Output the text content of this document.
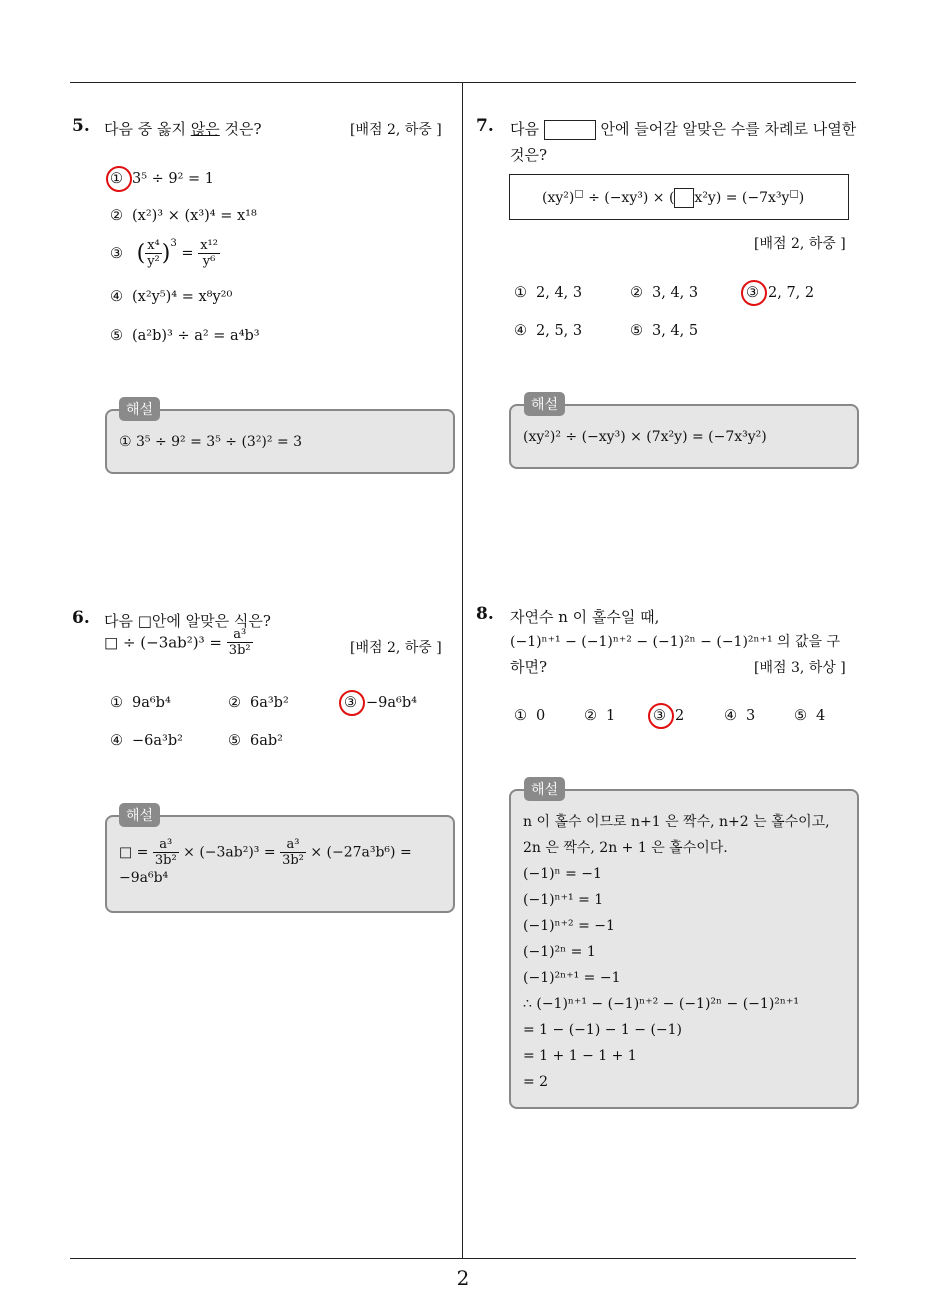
5. 다음 중 옳지 않은 것은?	[배점 2, 하중 ]
① 3⁵ ÷ 9² = 1
② (x²)³ × (x³)⁴ = x¹⁸
③ ( $\frac{\text{x⁴}}{\text{y²}} )^3 = \frac{\text{x¹²}}{\text{y⁶}}$
④ (x²y⁵)⁴ = x⁸y²⁰
⑤ (a²b)³ ÷ a² = a⁴b³
① 3⁵ ÷ 9² = 3⁵ ÷ (3²)² = 3
해설
6. 다음 □안에 알맞은 식은?
□ ÷ $(-3ab^2)^3 = \frac{\text{a³}}{\text{3b²}}$	[배점 2, 하중 ]
① 9a⁶b⁴	② 6a³b²	③ −9a⁶b⁴
④ −6a³b²	⑤ 6ab²
□ = $\frac{\text{a³}}{\text{3b²}} \times (-3ab^2)^3 = \frac{\text{a³}}{\text{3b²}} \times (-27a^3b^6)$ =
−9a⁶b⁴
해설
7. 다음	안에 들어갈 알맞은 수를 차례로 나열한
것은?
(xy²)□ ÷ (−xy³) × ( x²y) = (−7x³y□)
[배점 2, 하중 ]
① 2, 4, 3	② 3, 4, 3	③ 2, 7, 2
④ 2, 5, 3	⑤ 3, 4, 5
(xy²)² ÷ (−xy³) × (7x²y) = (−7x³y²)
해설
8. 자연수 n 이 홀수일 때,
(−1)ⁿ⁺¹ − (−1)ⁿ⁺² − (−1)²ⁿ − (−1)²ⁿ⁺¹ 의 값을 구
하면?	[배점 3, 하상 ]
① 0	② 1	③ 2	④ 3	⑤ 4
n 이 홀수 이므로 n+1 은 짝수, n+2 는 홀수이고,
2n 은 짝수, 2n + 1 은 홀수이다.
(−1)ⁿ = −1
(−1)ⁿ⁺¹ = 1
(−1)ⁿ⁺² = −1
(−1)²ⁿ = 1
(−1)²ⁿ⁺¹ = −1
∴ (−1)ⁿ⁺¹ − (−1)ⁿ⁺² − (−1)²ⁿ − (−1)²ⁿ⁺¹
= 1 − (−1) − 1 − (−1)
= 1 + 1 − 1 + 1
= 2
해설
2
